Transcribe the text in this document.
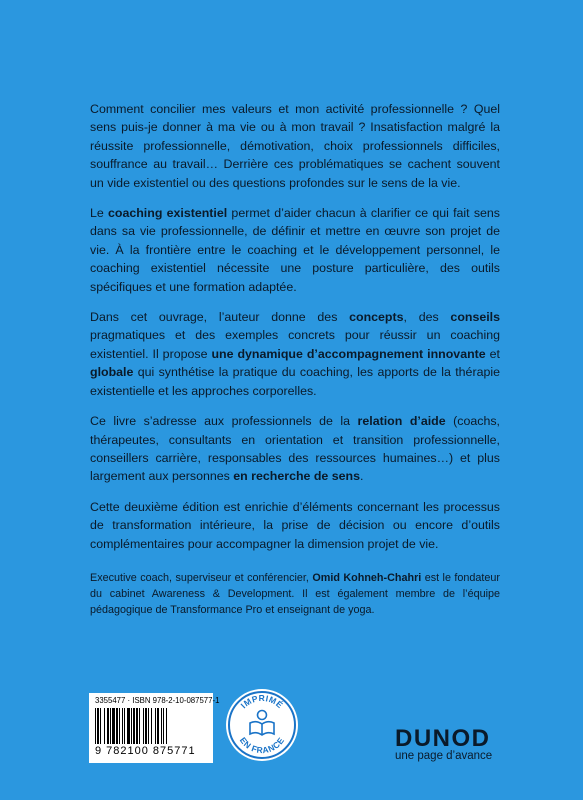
Comment concilier mes valeurs et mon activité professionnelle ? Quel sens puis-je donner à ma vie ou à mon travail ? Insatisfaction malgré la réussite professionnelle, démotivation, choix professionnels difficiles, souffrance au travail… Derrière ces problématiques se cachent souvent un vide existentiel ou des questions profondes sur le sens de la vie.

Le coaching existentiel permet d’aider chacun à clarifier ce qui fait sens dans sa vie professionnelle, de définir et mettre en œuvre son projet de vie. À la frontière entre le coaching et le développement personnel, le coaching existentiel nécessite une posture particulière, des outils spécifiques et une formation adaptée.

Dans cet ouvrage, l’auteur donne des concepts, des conseils pragmatiques et des exemples concrets pour réussir un coaching existentiel. Il propose une dynamique d’accompagnement innovante et globale qui synthétise la pratique du coaching, les apports de la thérapie existentielle et les approches corporelles.

Ce livre s’adresse aux professionnels de la relation d’aide (coachs, thérapeutes, consultants en orientation et transition professionnelle, conseillers carrière, responsables des ressources humaines…) et plus largement aux personnes en recherche de sens.

Cette deuxième édition est enrichie d’éléments concernant les processus de transformation intérieure, la prise de décision ou encore d’outils complémentaires pour accompagner la dimension projet de vie.

Executive coach, superviseur et conférencier, Omid Kohneh-Chahri est le fondateur du cabinet Awareness & Development. Il est également membre de l’équipe pédagogique de Transformance Pro et enseignant de yoga.

3355477 · ISBN 978-2-10-087577-1
9 782100 875771
IMPRIMÉ
EN FRANCE	DUNOD
une page d’avance
